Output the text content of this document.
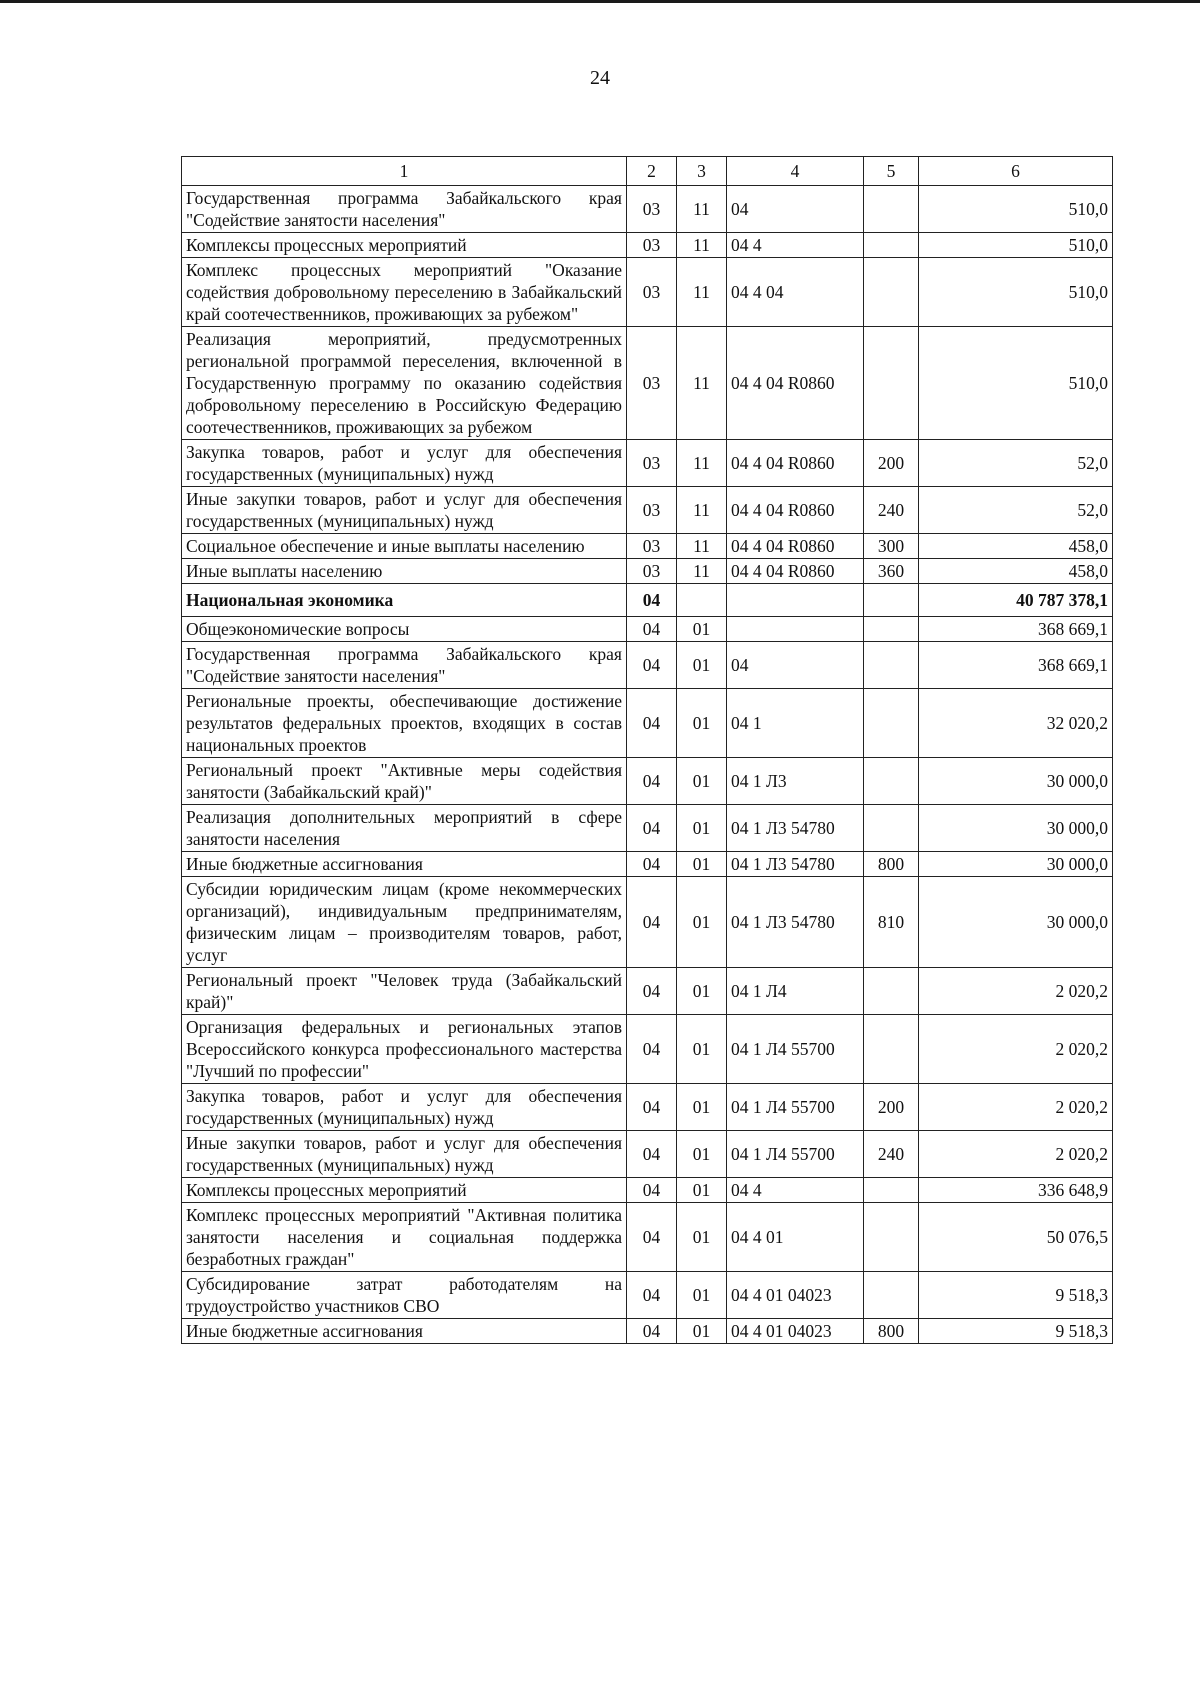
24
1	2	3	4	5	6
Государственная программа Забайкальского края "Содействие занятости населения"	03	11	04		510,0
Комплексы процессных мероприятий	03	11	04 4		510,0
Комплекс процессных мероприятий "Оказание содействия добровольному переселению в Забайкальский край соотечественников, проживающих за рубежом"	03	11	04 4 04		510,0
Реализация мероприятий, предусмотренных региональной программой переселения, включенной в Государственную программу по оказанию содействия добровольному переселению в Российскую Федерацию соотечественников, проживающих за рубежом	03	11	04 4 04 R0860		510,0
Закупка товаров, работ и услуг для обеспечения государственных (муниципальных) нужд	03	11	04 4 04 R0860	200	52,0
Иные закупки товаров, работ и услуг для обеспечения государственных (муниципальных) нужд	03	11	04 4 04 R0860	240	52,0
Социальное обеспечение и иные выплаты населению	03	11	04 4 04 R0860	300	458,0
Иные выплаты населению	03	11	04 4 04 R0860	360	458,0
Национальная экономика	04				40 787 378,1
Общеэкономические вопросы	04	01			368 669,1
Государственная программа Забайкальского края "Содействие занятости населения"	04	01	04		368 669,1
Региональные проекты, обеспечивающие достижение результатов федеральных проектов, входящих в состав национальных проектов	04	01	04 1		32 020,2
Региональный проект "Активные меры содействия занятости (Забайкальский край)"	04	01	04 1 Л3		30 000,0
Реализация дополнительных мероприятий в сфере занятости населения	04	01	04 1 Л3 54780		30 000,0
Иные бюджетные ассигнования	04	01	04 1 Л3 54780	800	30 000,0
Субсидии юридическим лицам (кроме некоммерческих организаций), индивидуальным предпринимателям, физическим лицам – производителям товаров, работ, услуг	04	01	04 1 Л3 54780	810	30 000,0
Региональный проект "Человек труда (Забайкальский край)"	04	01	04 1 Л4		2 020,2
Организация федеральных и региональных этапов Всероссийского конкурса профессионального мастерства "Лучший по профессии"	04	01	04 1 Л4 55700		2 020,2
Закупка товаров, работ и услуг для обеспечения государственных (муниципальных) нужд	04	01	04 1 Л4 55700	200	2 020,2
Иные закупки товаров, работ и услуг для обеспечения государственных (муниципальных) нужд	04	01	04 1 Л4 55700	240	2 020,2
Комплексы процессных мероприятий	04	01	04 4		336 648,9
Комплекс процессных мероприятий "Активная политика занятости населения и социальная поддержка безработных граждан"	04	01	04 4 01		50 076,5
Субсидирование затрат работодателям на трудоустройство участников СВО	04	01	04 4 01 04023		9 518,3
Иные бюджетные ассигнования	04	01	04 4 01 04023	800	9 518,3
